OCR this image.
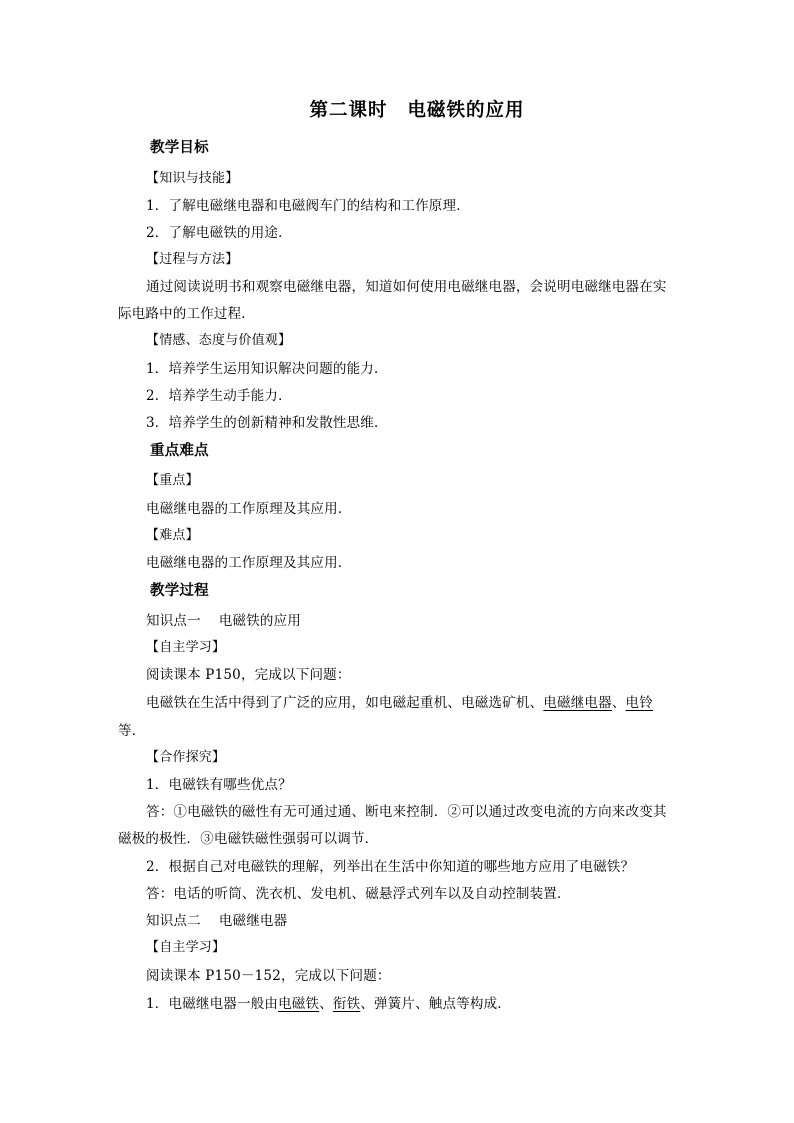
第二课时 电磁铁的应用
教学目标
【知识与技能】
1．了解电磁继电器和电磁阀车门的结构和工作原理．
2．了解电磁铁的用途．
【过程与方法】
通过阅读说明书和观察电磁继电器，知道如何使用电磁继电器，会说明电磁继电器在实
际电路中的工作过程．
【情感、态度与价值观】
1．培养学生运用知识解决问题的能力．
2．培养学生动手能力．
3．培养学生的创新精神和发散性思维．
重点难点
【重点】
电磁继电器的工作原理及其应用．
【难点】
电磁继电器的工作原理及其应用．
教学过程
知识点一 电磁铁的应用
【自主学习】
阅读课本 P150，完成以下问题：
电磁铁在生活中得到了广泛的应用，如电磁起重机、电磁选矿机、电磁继电器、电铃
等．
【合作探究】
1．电磁铁有哪些优点？
答：①电磁铁的磁性有无可通过通、断电来控制．②可以通过改变电流的方向来改变其
磁极的极性．③电磁铁磁性强弱可以调节．
2．根据自己对电磁铁的理解，列举出在生活中你知道的哪些地方应用了电磁铁？
答：电话的听筒、洗衣机、发电机、磁悬浮式列车以及自动控制装置．
知识点二 电磁继电器
【自主学习】
阅读课本 P150－152，完成以下问题：
1．电磁继电器一般由电磁铁、衔铁、弹簧片、触点等构成．
